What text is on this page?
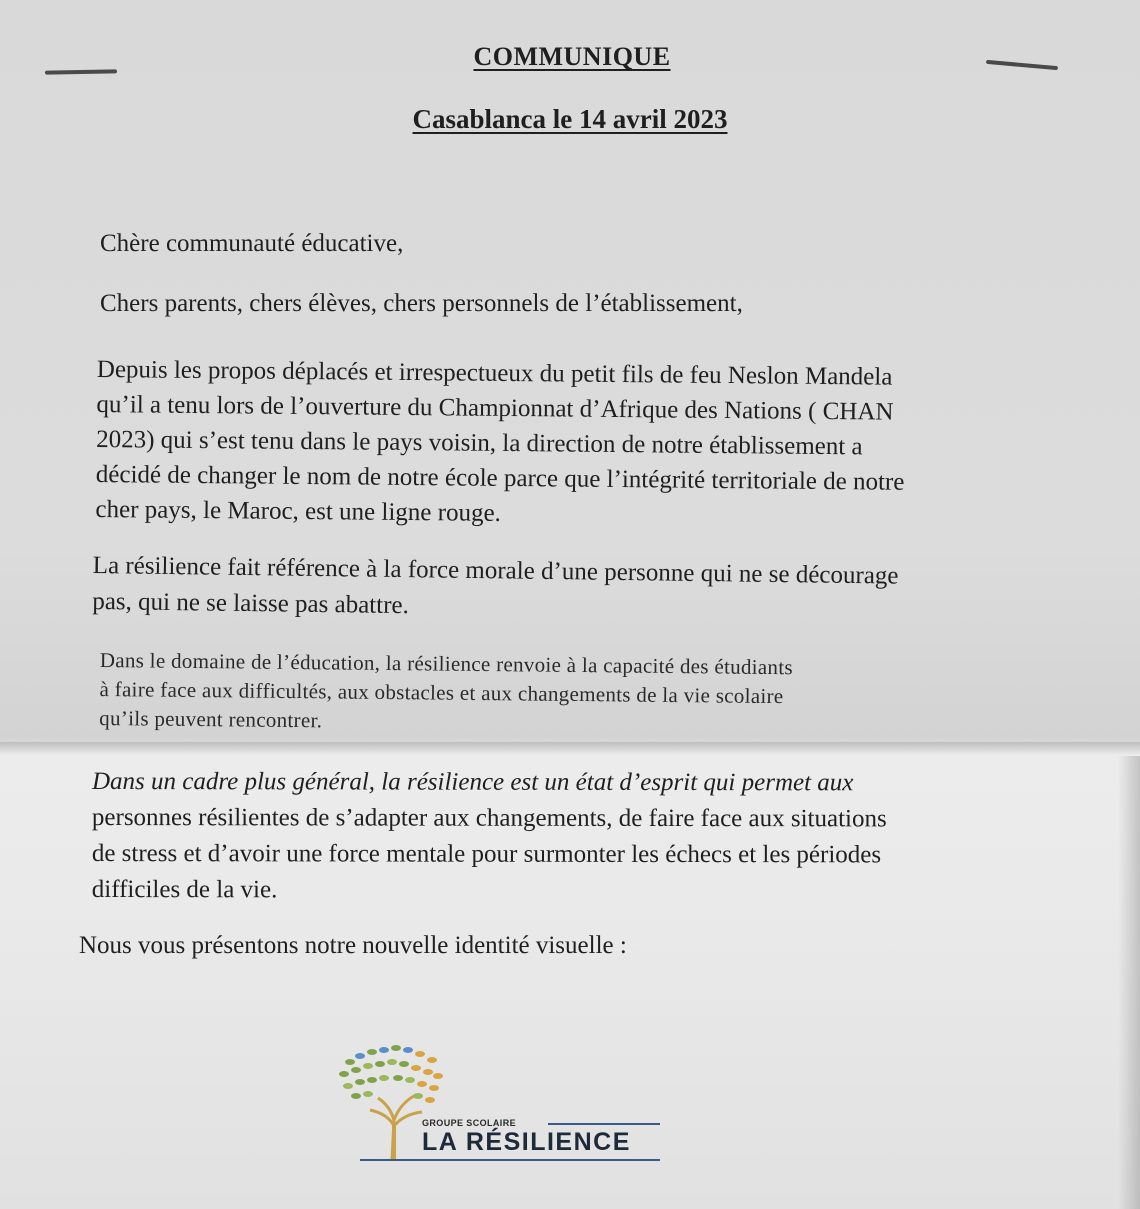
COMMUNIQUE
Casablanca le 14 avril 2023
Chère communauté éducative,
Chers parents, chers élèves, chers personnels de l’établissement,
Depuis les propos déplacés et irrespectueux du petit fils de feu Neslon Mandela
qu’il a tenu lors de l’ouverture du Championnat d’Afrique des Nations ( CHAN
2023) qui s’est tenu dans le pays voisin, la direction de notre établissement a
décidé de changer le nom de notre école parce que l’intégrité territoriale de notre
cher pays, le Maroc, est une ligne rouge.
La résilience fait référence à la force morale d’une personne qui ne se décourage
pas, qui ne se laisse pas abattre.
Dans le domaine de l’éducation, la résilience renvoie à la capacité des étudiants
à faire face aux difficultés, aux obstacles et aux changements de la vie scolaire
qu’ils peuvent rencontrer.
Dans un cadre plus général, la résilience est un état d’esprit qui permet aux
personnes résilientes de s’adapter aux changements, de faire face aux situations
de stress et d’avoir une force mentale pour surmonter les échecs et les périodes
difficiles de la vie.
Nous vous présentons notre nouvelle identité visuelle :
GROUPE SCOLAIRE
LA RÉSILIENCE
